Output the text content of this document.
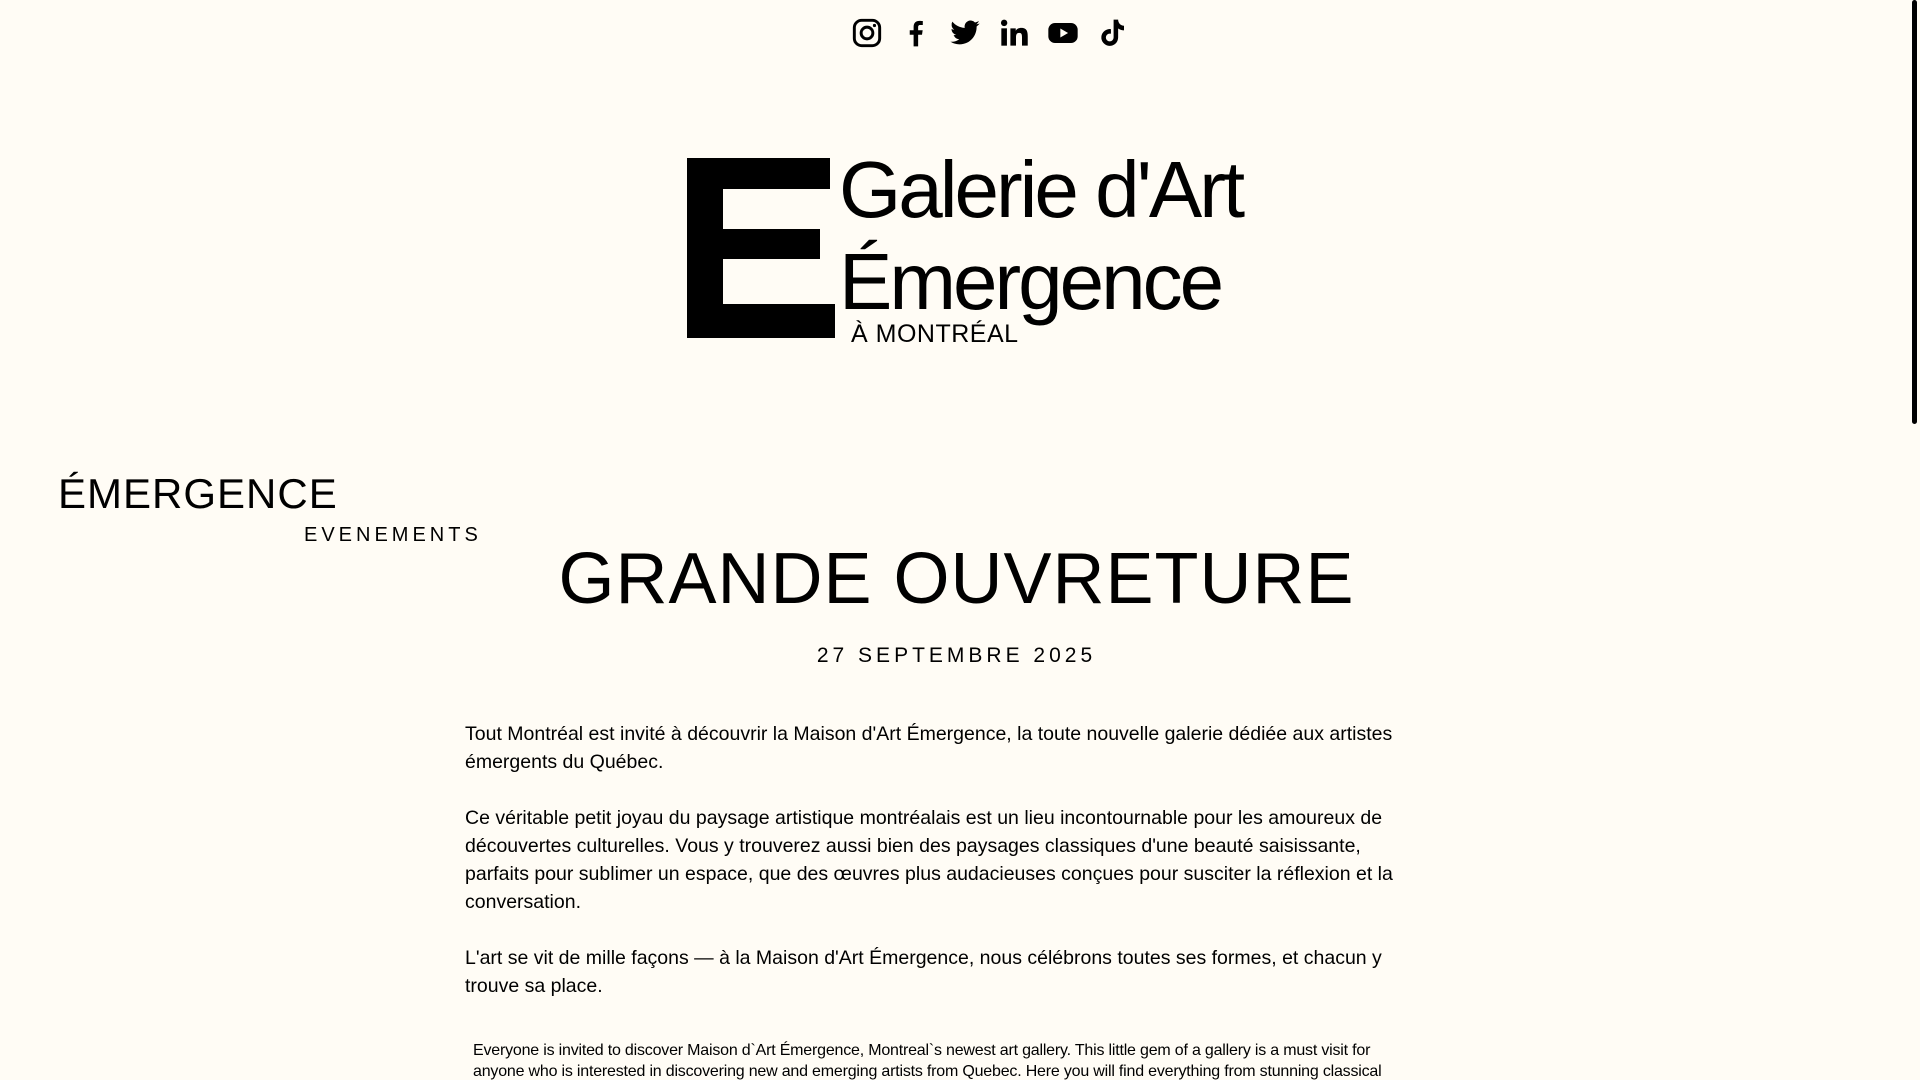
Galerie d'Art
Émergence
À MONTRÉAL
ÉMERGENCE
EVENEMENTS
GRANDE OUVRETURE
27 SEPTEMBRE 2025

Tout Montréal est invité à découvrir la Maison d'Art Émergence, la toute nouvelle galerie dédiée aux artistes émergents du Québec.

Ce véritable petit joyau du paysage artistique montréalais est un lieu incontournable pour les amoureux de découvertes culturelles. Vous y trouverez aussi bien des paysages classiques d'une beauté saisissante, parfaits pour sublimer un espace, que des œuvres plus audacieuses conçues pour susciter la réflexion et la conversation.

L'art se vit de mille façons — à la Maison d'Art Émergence, nous célébrons toutes ses formes, et chacun y trouve sa place.

Everyone is invited to discover Maison d`Art Émergence, Montreal`s newest art gallery. This little gem of a gallery is a must visit for anyone who is interested in discovering new and emerging artists from Quebec. Here you will find everything from stunning classical
